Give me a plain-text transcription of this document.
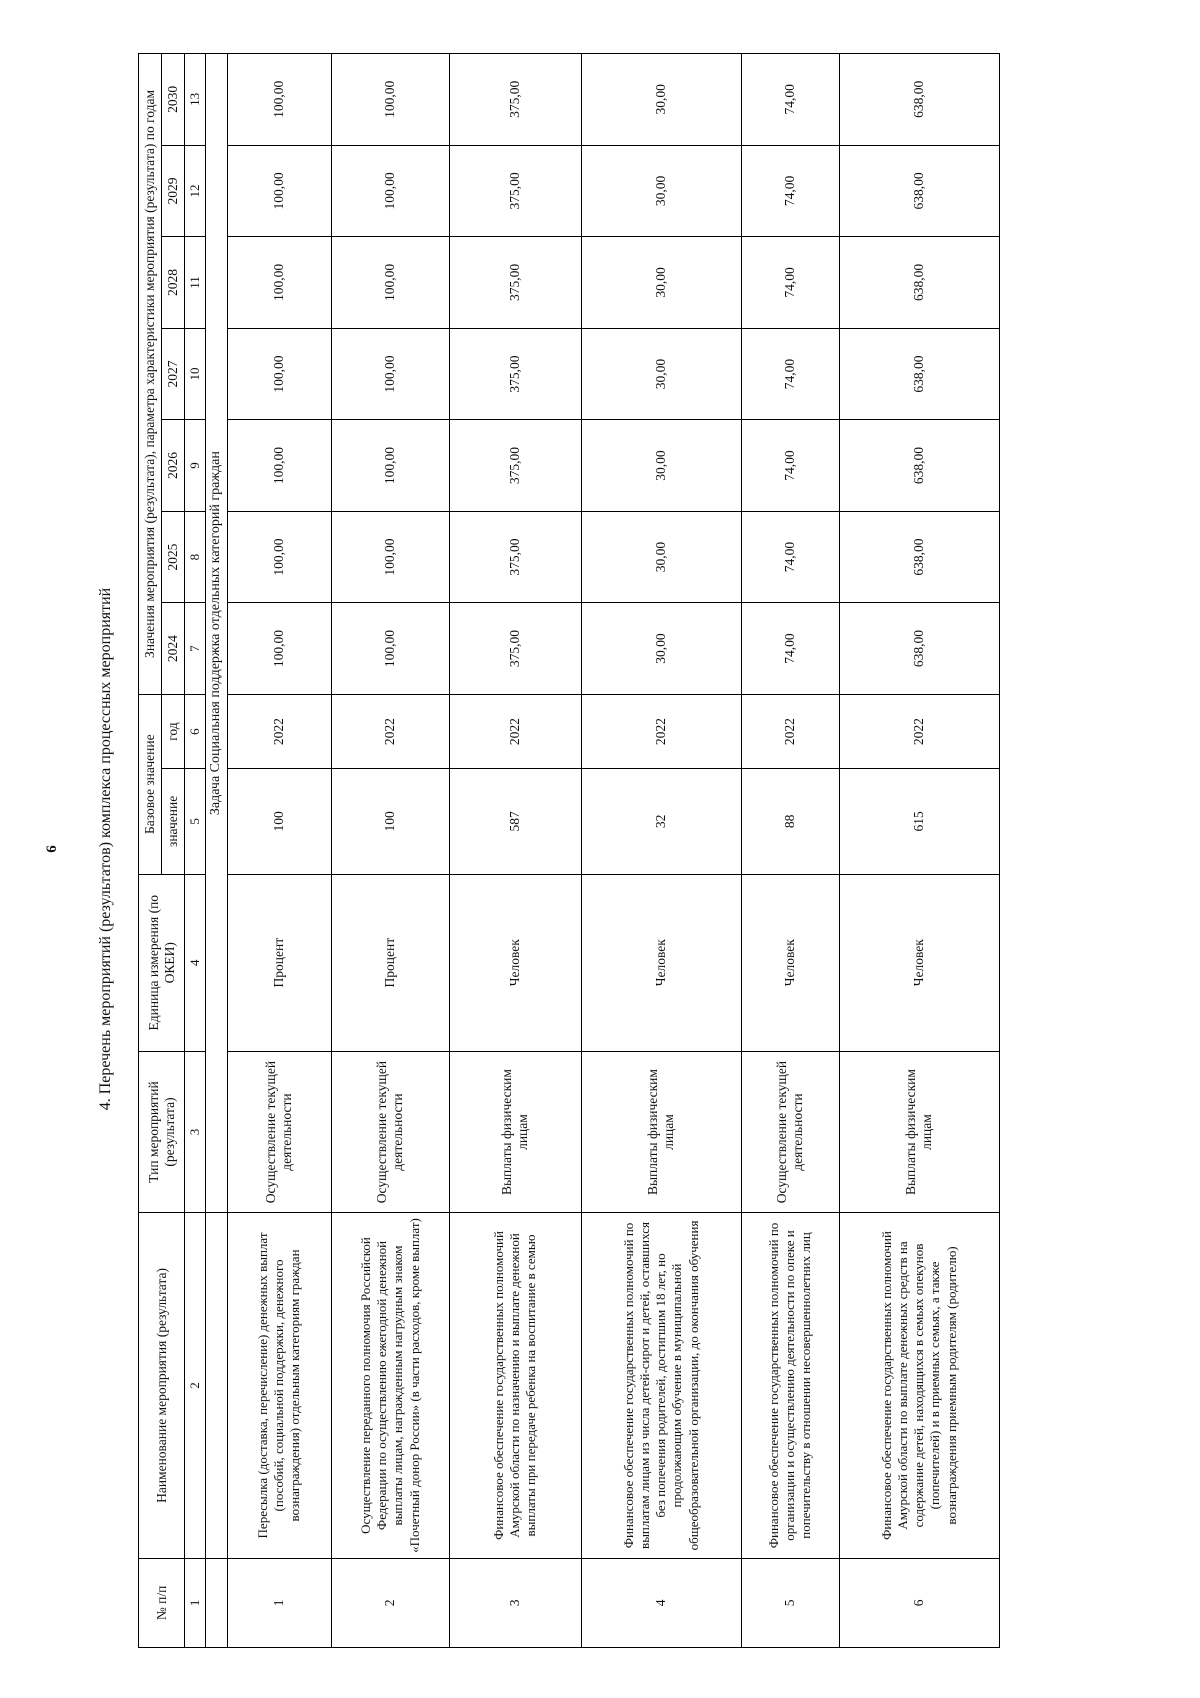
6 4. Перечень мероприятий (результатов) комплекса процессных мероприятий
№ п/п	Наименование мероприятия (результата)	Тип мероприятий (результата)	Единица измерения (по ОКЕИ)	Базовое значение		Значения мероприятия (результата), параметра характеристики мероприятия (результата) по годам						
				значение	год	2024	2025	2026	2027	2028	2029	2030
1	2	3	4	5	6	7	8	9	10	11	12	13
		Задача Социальная поддержка отдельных категорий граждан										
1	Пересылка (доставка, перечисление) денежных выплат (пособий, социальной поддержки, денежного вознаграждения) отдельным категориям граждан	Осуществление текущей деятельности	Процент	100	2022	100,00	100,00	100,00	100,00	100,00	100,00	100,00
2	Осуществление переданного полномочия Российской Федерации по осуществлению ежегодной денежной выплаты лицам, награжденным нагрудным знаком «Почетный донор России» (в части расходов, кроме выплат)	Осуществление текущей деятельности	Процент	100	2022	100,00	100,00	100,00	100,00	100,00	100,00	100,00
3	Финансовое обеспечение государственных полномочий Амурской области по назначению и выплате денежной выплаты при передаче ребенка на воспитание в семью	Выплаты физическим лицам	Человек	587	2022	375,00	375,00	375,00	375,00	375,00	375,00	375,00
4	Финансовое обеспечение государственных полномочий по выплатам лицам из числа детей-сирот и детей, оставшихся без попечения родителей, достигшим 18 лет, но продолжающим обучение в муниципальной общеобразовательной организации, до окончания обучения	Выплаты физическим лицам	Человек	32	2022	30,00	30,00	30,00	30,00	30,00	30,00	30,00
5	Финансовое обеспечение государственных полномочий по организации и осуществлению деятельности по опеке и попечительству в отношении несовершеннолетних лиц	Осуществление текущей деятельности	Человек	88	2022	74,00	74,00	74,00	74,00	74,00	74,00	74,00
6	Финансовое обеспечение государственных полномочий Амурской области по выплате денежных средств на содержание детей, находящихся в семьях опекунов (попечителей) и в приемных семьях, а также вознаграждения приемным родителям (родителю)	Выплаты физическим лицам	Человек	615	2022	638,00	638,00	638,00	638,00	638,00	638,00	638,00
